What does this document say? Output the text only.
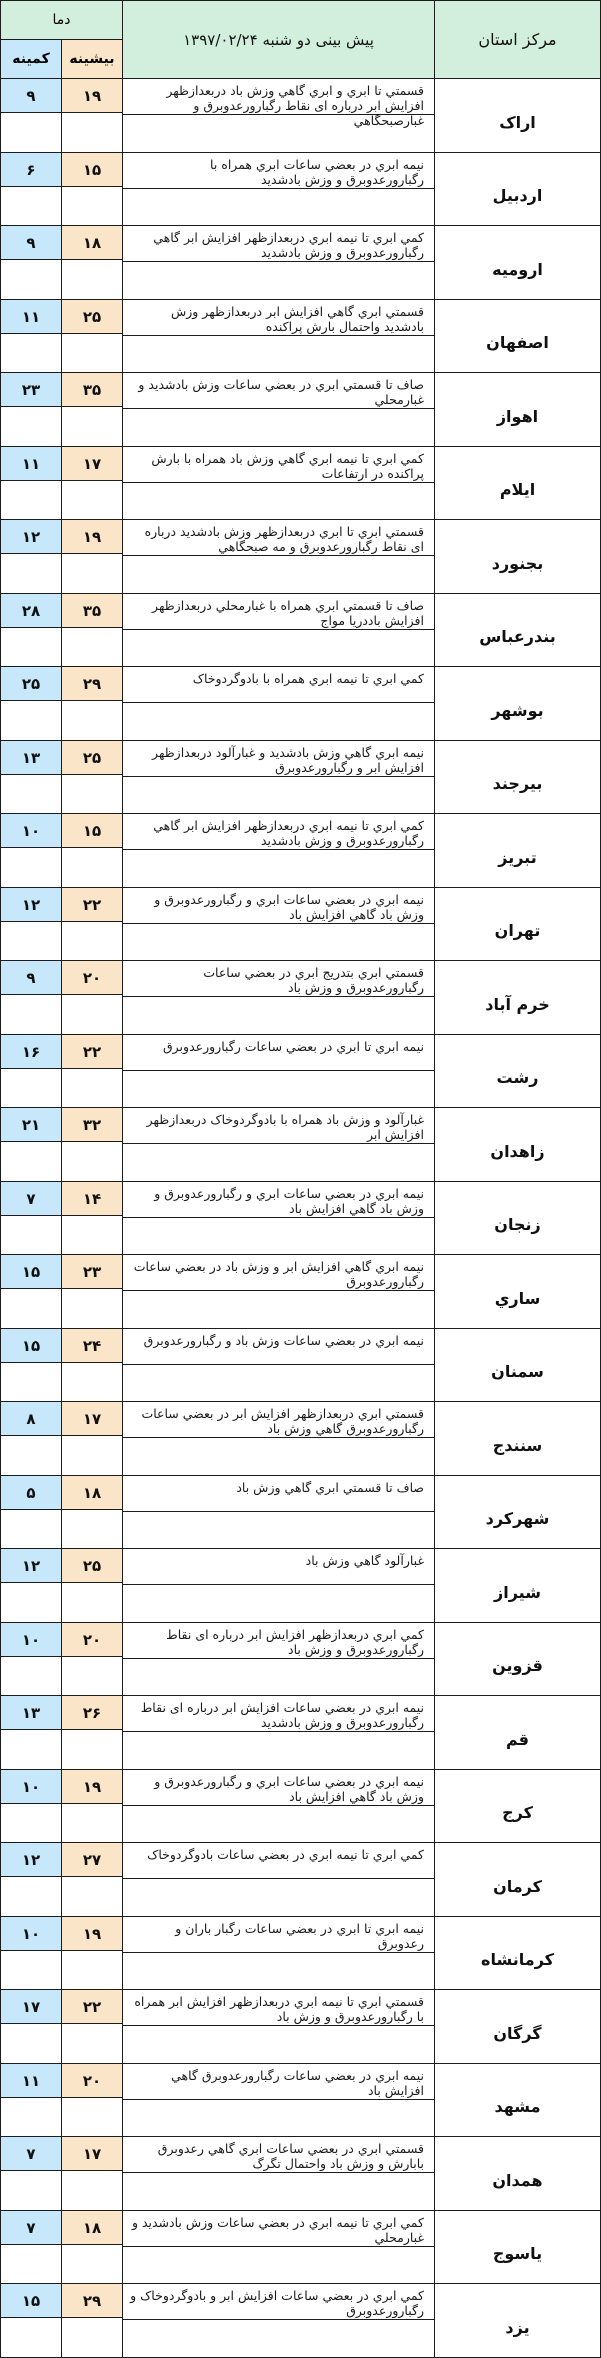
مرکز استان	پیش بینی دو شنبه ۱۳۹۷/۰۲/۲۴	دما	
		بیشینه	کمینه
اراک	قسمتي تا ابري و ابري گاهي وزش باد دربعدازظهر افزايش ابر درباره ای نقاط رگبارورعدوبرق و غبارصبحگاهي	۱۹	۹

اردبیل	نیمه ابري در بعضي ساعات ابري همراه با رگبارورعدوبرق و وزش بادشدید	۱۵	۶

ارومیه	کمي ابري تا نیمه ابري دربعدازظهر افزايش ابر گاهي رگبارورعدوبرق و وزش بادشدید	۱۸	۹

اصفهان	قسمتي ابري گاهي افزايش ابر دربعدازظهر وزش بادشدید واحتمال بارش پراکنده	۲۵	۱۱

اهواز	صاف تا قسمتي ابري در بعضي ساعات وزش بادشدید و غبارمحلي	۳۵	۲۳

ایلام	کمي ابري تا نیمه ابري گاهي وزش باد همراه با بارش پراکنده در ارتفاعات	۱۷	۱۱

بجنورد	قسمتي ابري تا ابري دربعدازظهر وزش بادشدید درباره ای نقاط رگبارورعدوبرق و مه صبحگاهي	۱۹	۱۲

بندرعباس	صاف تا قسمتي ابري همراه با غبارمحلي دربعدازظهر افزايش باددريا مواج	۳۵	۲۸

بوشهر	کمي ابري تا نیمه ابري همراه با بادوگردوخاک	۲۹	۲۵

بیرجند	نیمه ابري گاهي وزش بادشدید و غبارآلود دربعدازظهر افزايش ابر و رگبارورعدوبرق	۲۵	۱۳

تبریز	کمي ابري تا نیمه ابري دربعدازظهر افزايش ابر گاهي رگبارورعدوبرق و وزش بادشدید	۱۵	۱۰

تهران	نیمه ابري در بعضي ساعات ابري و رگبارورعدوبرق و وزش باد گاهي افزايش باد	۲۲	۱۲

خرم آباد	قسمتي ابري بتدريج ابري در بعضي ساعات رگبارورعدوبرق و وزش باد	۲۰	۹

رشت	نیمه ابري تا ابري در بعضي ساعات رگبارورعدوبرق	۲۲	۱۶

زاهدان	غبارآلود و وزش باد همراه با بادوگردوخاک دربعدازظهر افزايش ابر	۳۲	۲۱

زنجان	نیمه ابري در بعضي ساعات ابري و رگبارورعدوبرق و وزش باد گاهي افزايش باد	۱۴	۷

ساري	نیمه ابري گاهي افزايش ابر و وزش باد در بعضي ساعات رگبارورعدوبرق	۲۳	۱۵

سمنان	نیمه ابري در بعضي ساعات وزش باد و رگبارورعدوبرق	۲۴	۱۵

سنندج	قسمتي ابري دربعدازظهر افزايش ابر در بعضي ساعات رگبارورعدوبرق گاهي وزش باد	۱۷	۸

شهرکرد	صاف تا قسمتي ابري گاهي وزش باد	۱۸	۵

شیراز	غبارآلود گاهي وزش باد	۲۵	۱۲

قزوین	کمي ابري دربعدازظهر افزايش ابر درباره ای نقاط رگبارورعدوبرق و وزش باد	۲۰	۱۰

قم	نیمه ابري در بعضي ساعات افزايش ابر درباره ای نقاط رگبارورعدوبرق و وزش بادشدید	۲۶	۱۳

کرج	نیمه ابري در بعضي ساعات ابري و رگبارورعدوبرق و وزش باد گاهي افزايش باد	۱۹	۱۰

کرمان	کمي ابري تا نیمه ابري در بعضي ساعات بادوگردوخاک	۲۷	۱۲

کرمانشاه	نیمه ابري تا ابري در بعضي ساعات رگبار باران و رعدوبرق	۱۹	۱۰

گرگان	قسمتي ابري تا نیمه ابري دربعدازظهر افزايش ابر همراه با رگبارورعدوبرق و وزش باد	۲۲	۱۷

مشهد	نیمه ابري در بعضي ساعات رگبارورعدوبرق گاهي افزايش باد	۲۰	۱۱

همدان	قسمتي ابري در بعضي ساعات ابري گاهي رعدوبرق بابارش و وزش باد واحتمال تگرگ	۱۷	۷

یاسوج	کمي ابري تا نیمه ابري در بعضي ساعات وزش بادشدید و غبارمحلي	۱۸	۷

یزد	کمي ابري در بعضي ساعات افزايش ابر و بادوگردوخاک و رگبارورعدوبرق	۲۹	۱۵
